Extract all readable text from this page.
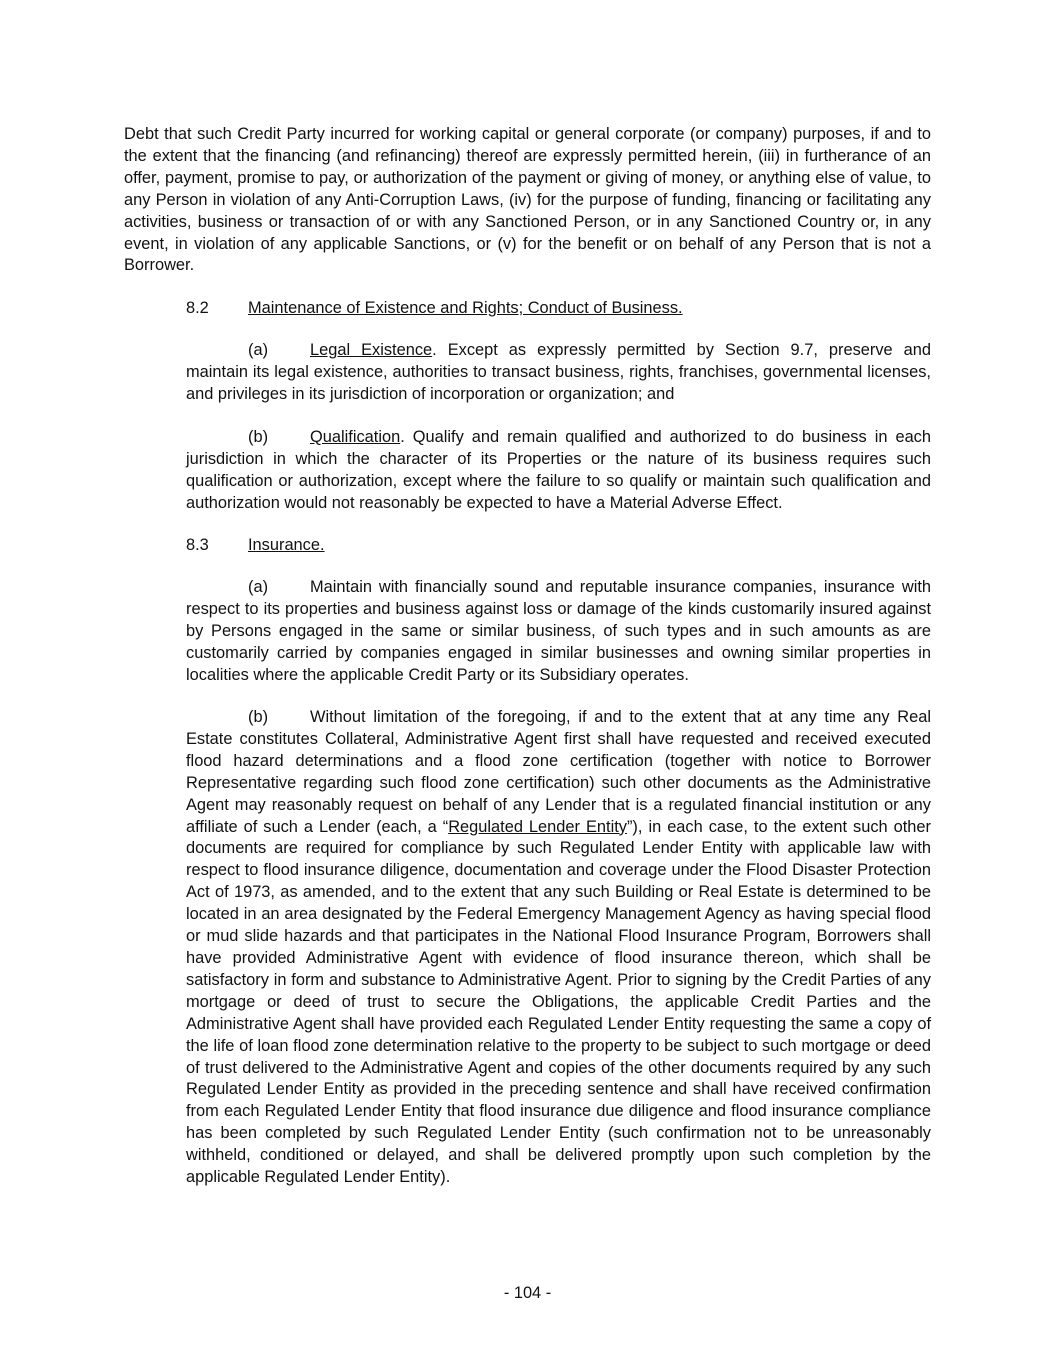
Debt that such Credit Party incurred for working capital or general corporate (or company) purposes, if and to the extent that the financing (and refinancing) thereof are expressly permitted herein, (iii) in furtherance of an offer, payment, promise to pay, or authorization of the payment or giving of money, or anything else of value, to any Person in violation of any Anti-Corruption Laws, (iv) for the purpose of funding, financing or facilitating any activities, business or transaction of or with any Sanctioned Person, or in any Sanctioned Country or, in any event, in violation of any applicable Sanctions, or (v) for the benefit or on behalf of any Person that is not a Borrower.

8.2 Maintenance of Existence and Rights; Conduct of Business.

(a)	Legal Existence. Except as expressly permitted by Section 9.7, preserve and maintain its legal existence, authorities to transact business, rights, franchises, governmental licenses, and privileges in its jurisdiction of incorporation or organization; and

(b)	Qualification. Qualify and remain qualified and authorized to do business in each jurisdiction in which the character of its Properties or the nature of its business requires such qualification or authorization, except where the failure to so qualify or maintain such qualification and authorization would not reasonably be expected to have a Material Adverse Effect.

8.3 Insurance.

(a)	Maintain with financially sound and reputable insurance companies, insurance with respect to its properties and business against loss or damage of the kinds customarily insured against by Persons engaged in the same or similar business, of such types and in such amounts as are customarily carried by companies engaged in similar businesses and owning similar properties in localities where the applicable Credit Party or its Subsidiary operates.

(b)	Without limitation of the foregoing, if and to the extent that at any time any Real Estate constitutes Collateral, Administrative Agent first shall have requested and received executed flood hazard determinations and a flood zone certification (together with notice to Borrower Representative regarding such flood zone certification) such other documents as the Administrative Agent may reasonably request on behalf of any Lender that is a regulated financial institution or any affiliate of such a Lender (each, a “Regulated Lender Entity”), in each case, to the extent such other documents are required for compliance by such Regulated Lender Entity with applicable law with respect to flood insurance diligence, documentation and coverage under the Flood Disaster Protection Act of 1973, as amended, and to the extent that any such Building or Real Estate is determined to be located in an area designated by the Federal Emergency Management Agency as having special flood or mud slide hazards and that participates in the National Flood Insurance Program, Borrowers shall have provided Administrative Agent with evidence of flood insurance thereon, which shall be satisfactory in form and substance to Administrative Agent. Prior to signing by the Credit Parties of any mortgage or deed of trust to secure the Obligations, the applicable Credit Parties and the Administrative Agent shall have provided each Regulated Lender Entity requesting the same a copy of the life of loan flood zone determination relative to the property to be subject to such mortgage or deed of trust delivered to the Administrative Agent and copies of the other documents required by any such Regulated Lender Entity as provided in the preceding sentence and shall have received confirmation from each Regulated Lender Entity that flood insurance due diligence and flood insurance compliance has been completed by such Regulated Lender Entity (such confirmation not to be unreasonably withheld, conditioned or delayed, and shall be delivered promptly upon such completion by the applicable Regulated Lender Entity).

- 104 -
